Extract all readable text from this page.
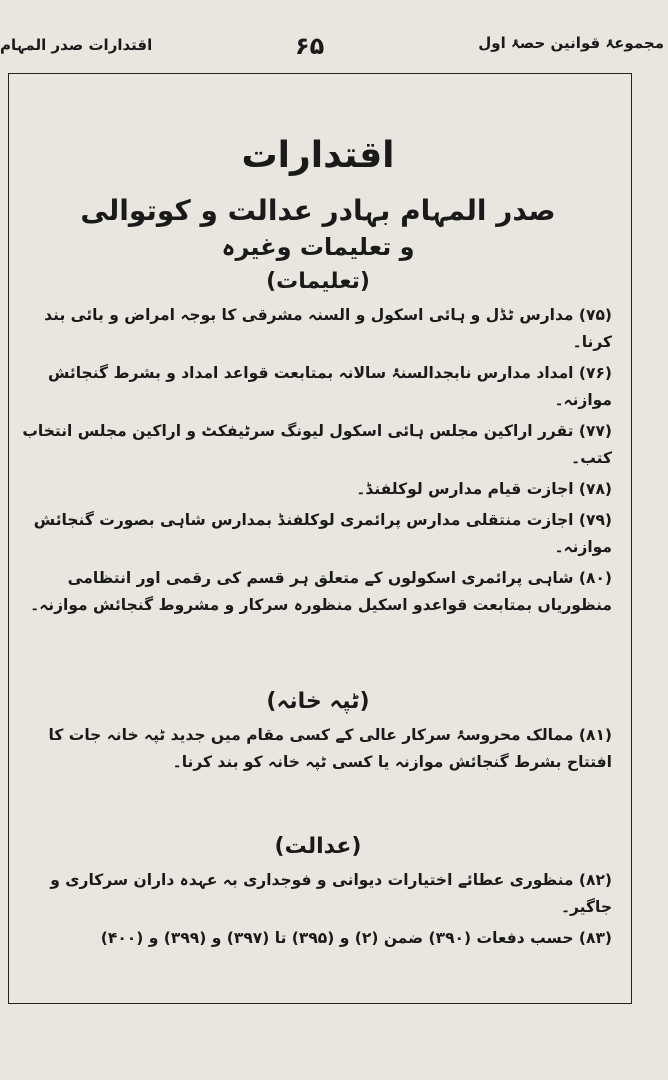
اقتدارات صدر المہام	۶۵	مجموعۂ قوانین حصۂ اول
اقتدارات
صدر المہام بہادر عدالت و کوتوالی
و تعلیمات وغیرہ
(تعلیمات)
(۷۵) مدارس ٹڈل و ہائی اسکول و السنہ مشرقی کا بوجہ امراض و بائی بند کرنا۔
(۷۶) امداد مدارس نابجدالسنۂ سالانہ بمتابعت قواعد امداد و بشرط گنجائش موازنہ۔
(۷۷) تقرر اراکین مجلس ہائی اسکول لیونگ سرٹیفکٹ و اراکین مجلس انتخاب کتب۔
(۷۸) اجازت قیام مدارس لوکلفنڈ۔
(۷۹) اجازت منتقلی مدارس پرائمری لوکلفنڈ بمدارس شاہی بصورت گنجائش موازنہ۔
(۸۰) شاہی پرائمری اسکولوں کے متعلق ہر قسم کی رقمی اور انتظامی منظوریاں بمتابعت قواعدو اسکیل منظورہ سرکار و مشروط گنجائش موازنہ۔
(ٹپہ خانہ)
(۸۱) ممالک محروسۂ سرکار عالی کے کسی مقام میں جدید ٹپہ خانہ جات کا افتتاح بشرط گنجائش موازنہ یا کسی ٹپہ خانہ کو بند کرنا۔
(عدالت)
(۸۲) منظوری عطائے اختیارات دیوانی و فوجداری بہ عہدہ داران سرکاری و جاگیر۔
(۸۳) حسب دفعات (۳۹۰) ضمن (۲) و (۳۹۵) تا (۳۹۷) و (۳۹۹) و (۴۰۰)
